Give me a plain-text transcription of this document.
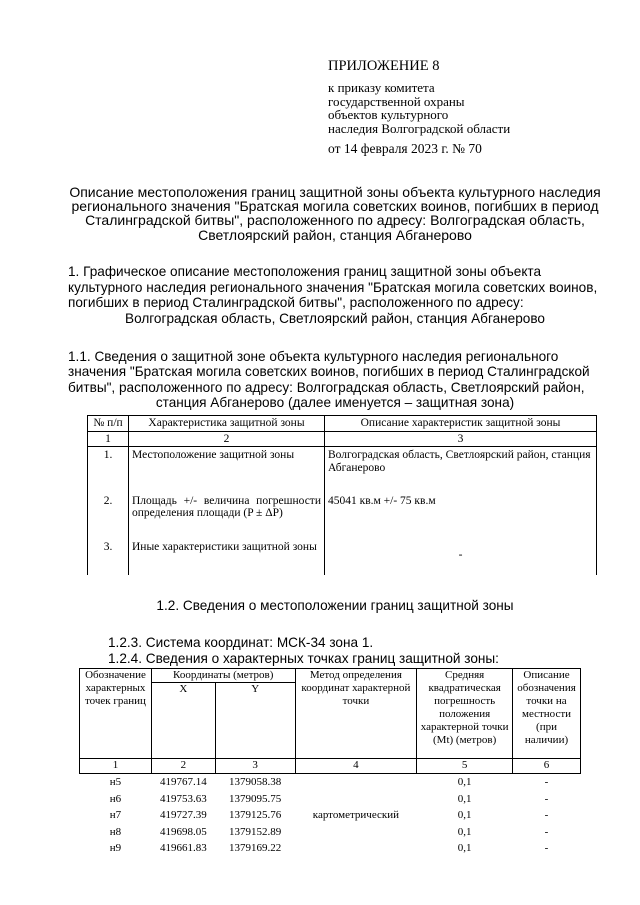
ПРИЛОЖЕНИЕ 8
к приказу комитета
государственной охраны
объектов культурного
наследия Волгоградской области
от 14 февраля 2023 г. № 70
Описание местоположения границ защитной зоны объекта культурного наследия
регионального значения "Братская могила советских воинов, погибших в период
Сталинградской битвы", расположенного по адресу: Волгоградская область,
Светлоярский район, станция Абганерово
1. Графическое описание местоположения границ защитной зоны объекта
культурного наследия регионального значения "Братская могила советских воинов,
погибших в период Сталинградской битвы", расположенного по адресу:
Волгоградская область, Светлоярский район, станция Абганерово
1.1. Сведения о защитной зоне объекта культурного наследия регионального
значения "Братская могила советских воинов, погибших в период Сталинградской
битвы", расположенного по адресу: Волгоградская область, Светлоярский район,
станция Абганерово (далее именуется – защитная зона)
№ п/п	Характеристика защитной зоны	Описание характеристик защитной зоны
1	2	3
1.	Местоположение защитной зоны	Волгоградская область, Светлоярский район, станция Абганерово
2.	Площадь +/- величина погрешности определения площади (P ± ΔP)	45041 кв.м +/- 75 кв.м
3.	Иные характеристики защитной зоны	-
1.2. Сведения о местоположении границ защитной зоны
1.2.3. Система координат: МСК-34 зона 1.
1.2.4. Сведения о характерных точках границ защитной зоны:
Обозначение характерных точек границ	Координаты (метров)		Метод определения координат характерной точки	Средняя квадратическая погрешность положения характерной точки (Mt) (метров)	Описание обозначения точки на местности (при наличии)
	X	Y			
1	2	3	4	5	6
н5	419767.14	1379058.38	картометрический	0,1	-
н6	419753.63	1379095.75		0,1	-
н7	419727.39	1379125.76		0,1	-
н8	419698.05	1379152.89		0,1	-
н9	419661.83	1379169.22		0,1	-
